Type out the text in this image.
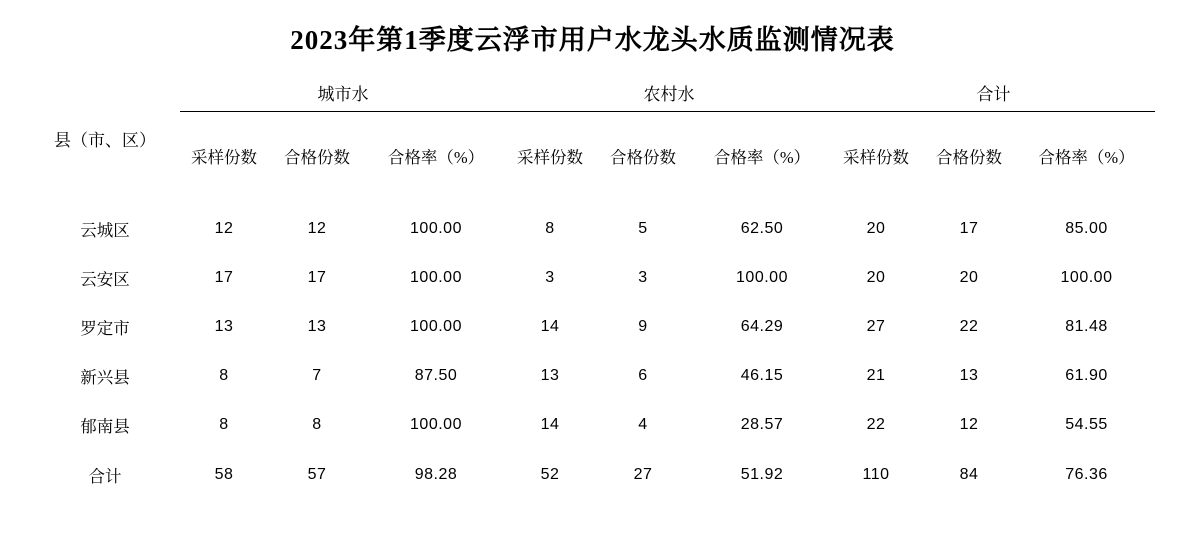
2023年第1季度云浮市用户水龙头水质监测情况表
县（市、区）	城市水			农村水			合计		
	采样份数	合格份数	合格率（%）	采样份数	合格份数	合格率（%）	采样份数	合格份数	合格率（%）
云城区	12	12	100.00	8	5	62.50	20	17	85.00
云安区	17	17	100.00	3	3	100.00	20	20	100.00
罗定市	13	13	100.00	14	9	64.29	27	22	81.48
新兴县	8	7	87.50	13	6	46.15	21	13	61.90
郁南县	8	8	100.00	14	4	28.57	22	12	54.55
合计	58	57	98.28	52	27	51.92	110	84	76.36
